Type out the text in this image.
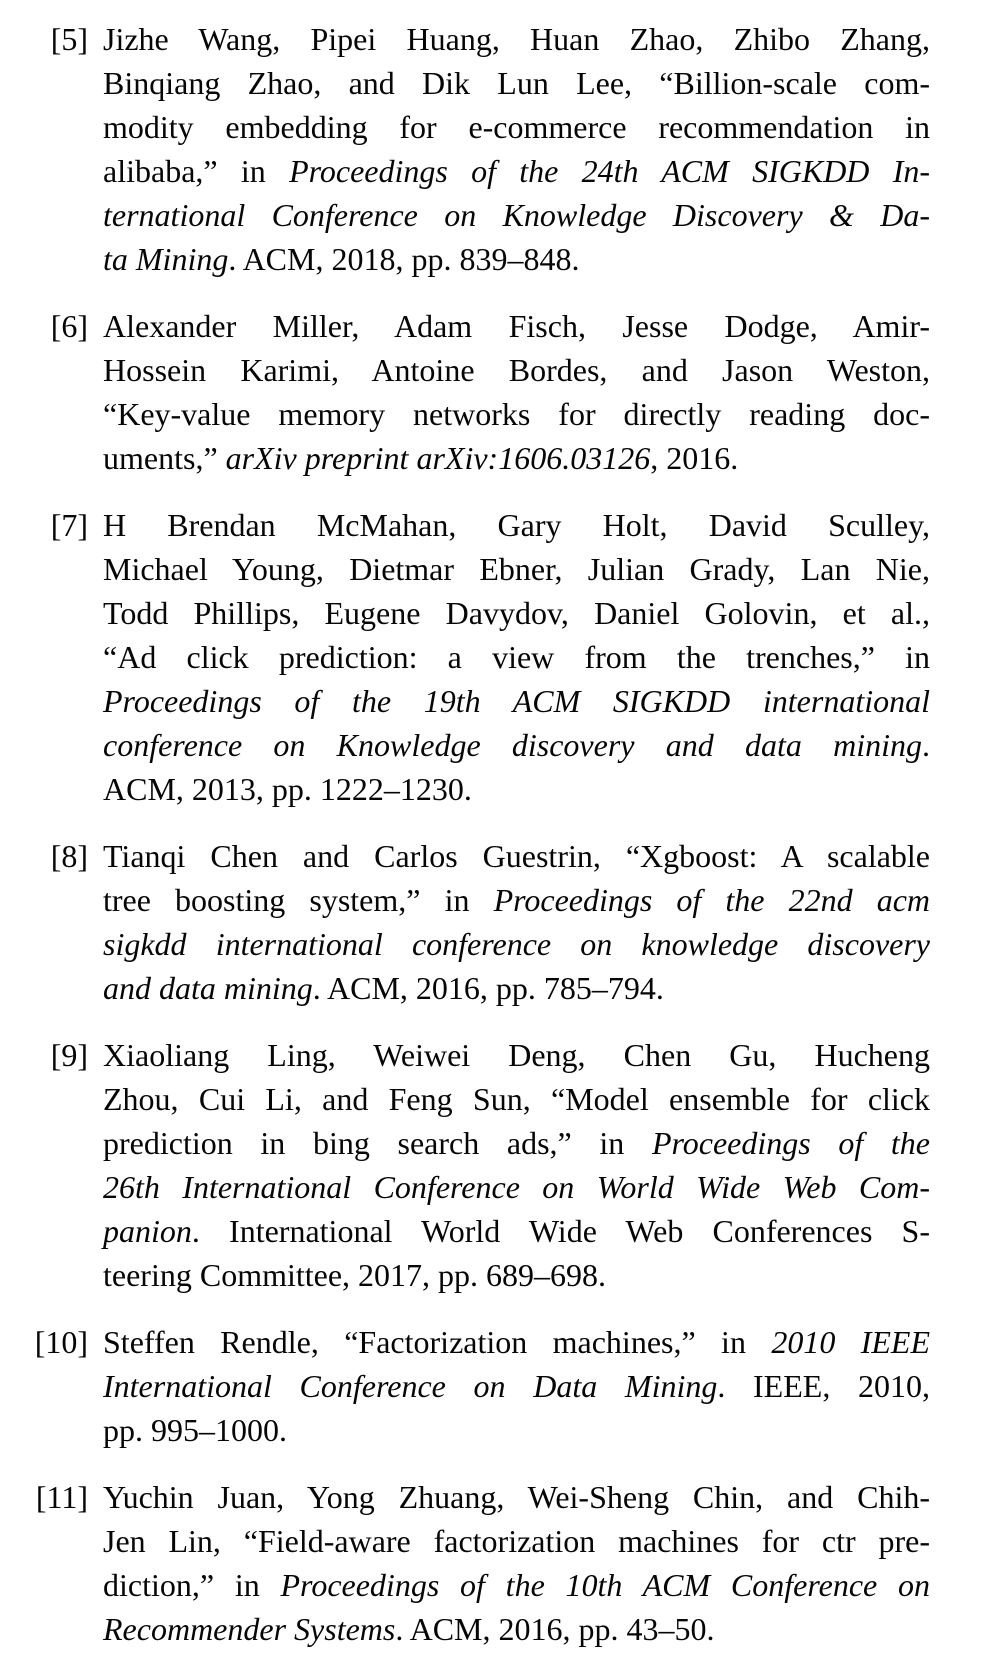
[5] Jizhe Wang, Pipei Huang, Huan Zhao, Zhibo Zhang,
Binqiang Zhao, and Dik Lun Lee, “Billion-scale com-
modity embedding for e-commerce recommendation in
alibaba,” in Proceedings of the 24th ACM SIGKDD In-
ternational Conference on Knowledge Discovery & Da-
ta Mining. ACM, 2018, pp. 839–848.
[6] Alexander Miller, Adam Fisch, Jesse Dodge, Amir-
Hossein Karimi, Antoine Bordes, and Jason Weston,
“Key-value memory networks for directly reading doc-
uments,” arXiv preprint arXiv:1606.03126, 2016.
[7] H Brendan McMahan, Gary Holt, David Sculley,
Michael Young, Dietmar Ebner, Julian Grady, Lan Nie,
Todd Phillips, Eugene Davydov, Daniel Golovin, et al.,
“Ad click prediction: a view from the trenches,” in
Proceedings of the 19th ACM SIGKDD international
conference on Knowledge discovery and data mining.
ACM, 2013, pp. 1222–1230.
[8] Tianqi Chen and Carlos Guestrin, “Xgboost: A scalable
tree boosting system,” in Proceedings of the 22nd acm
sigkdd international conference on knowledge discovery
and data mining. ACM, 2016, pp. 785–794.
[9] Xiaoliang Ling, Weiwei Deng, Chen Gu, Hucheng
Zhou, Cui Li, and Feng Sun, “Model ensemble for click
prediction in bing search ads,” in Proceedings of the
26th International Conference on World Wide Web Com-
panion. International World Wide Web Conferences S-
teering Committee, 2017, pp. 689–698.
[10] Steffen Rendle, “Factorization machines,” in 2010 IEEE
International Conference on Data Mining. IEEE, 2010,
pp. 995–1000.
[11] Yuchin Juan, Yong Zhuang, Wei-Sheng Chin, and Chih-
Jen Lin, “Field-aware factorization machines for ctr pre-
diction,” in Proceedings of the 10th ACM Conference on
Recommender Systems. ACM, 2016, pp. 43–50.
